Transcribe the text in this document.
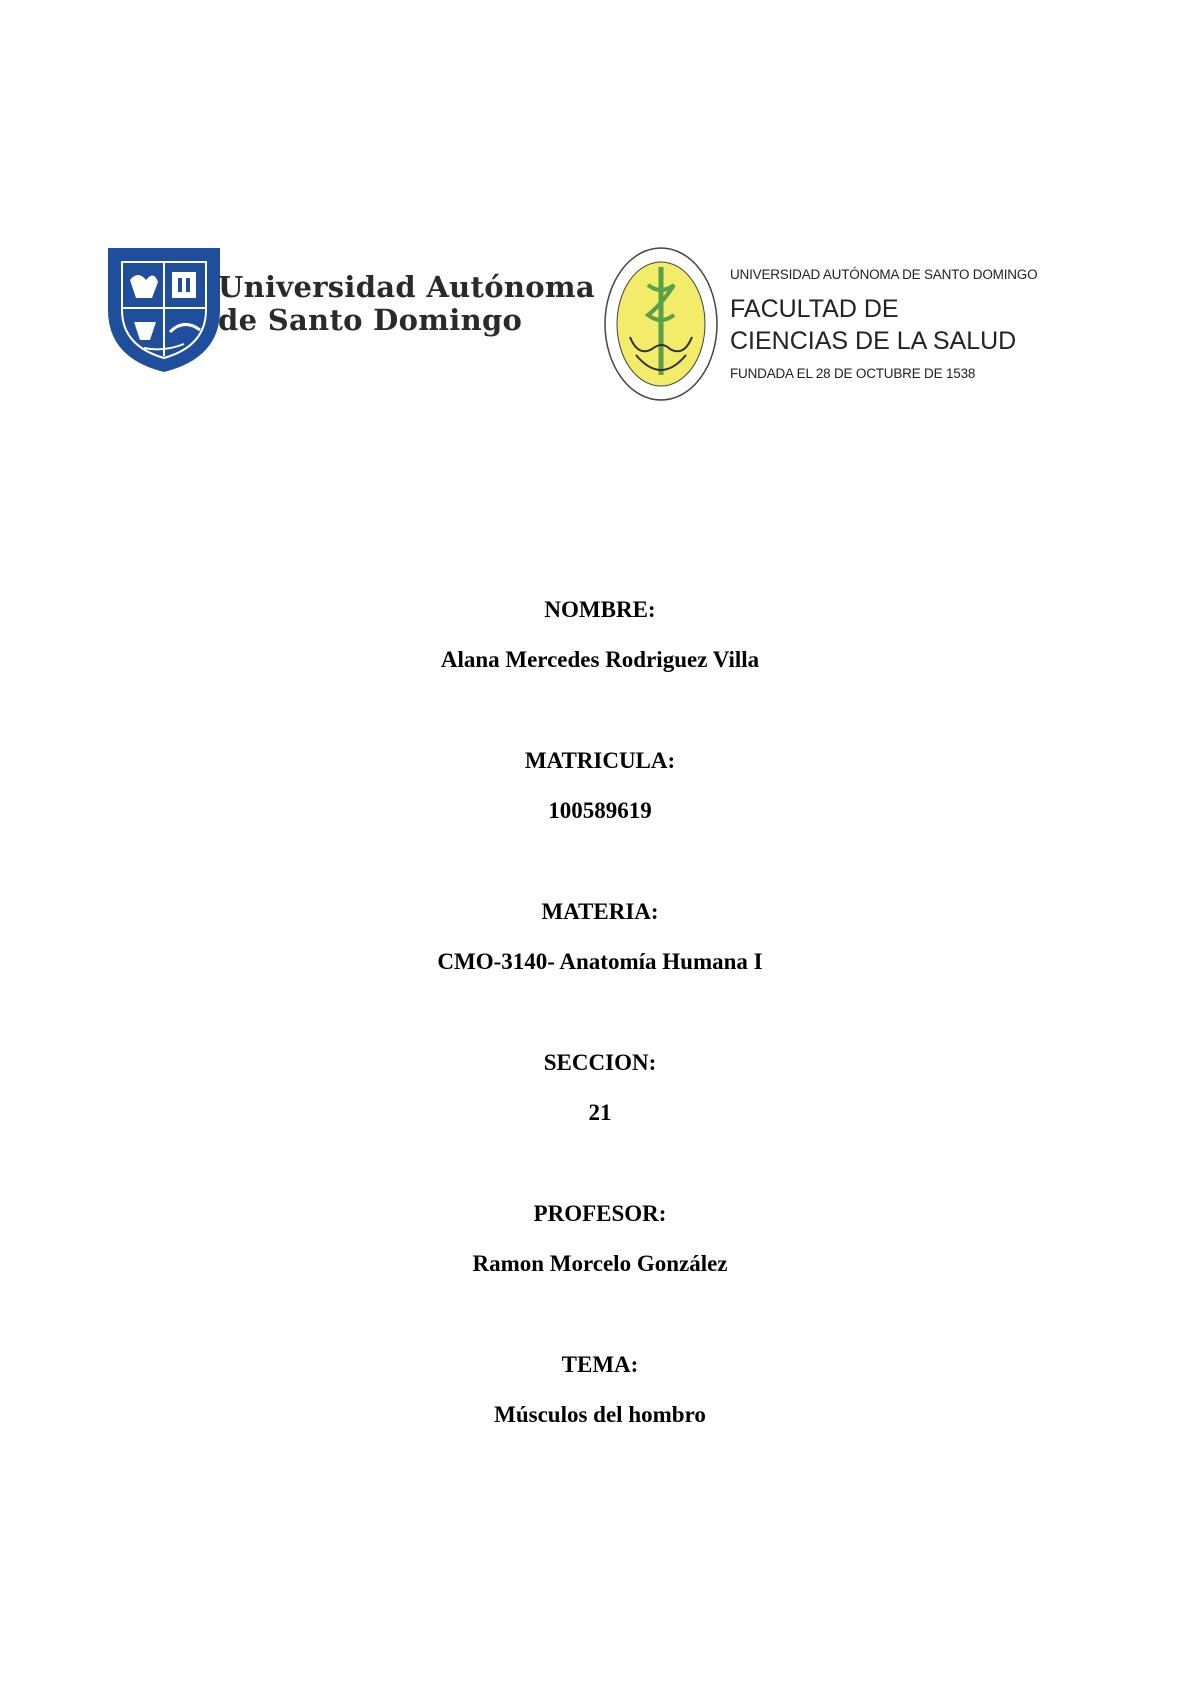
Universidad Autónoma
de Santo Domingo
UNIVERSIDAD AUTÓNOMA DE SANTO DOMINGO
FACULTAD DE
CIENCIAS DE LA SALUD
FUNDADA EL 28 DE OCTUBRE DE 1538
NOMBRE:
Alana Mercedes Rodriguez Villa
MATRICULA:
100589619
MATERIA:
CMO-3140- Anatomía Humana I
SECCION:
21
PROFESOR:
Ramon Morcelo González
TEMA:
Músculos del hombro
